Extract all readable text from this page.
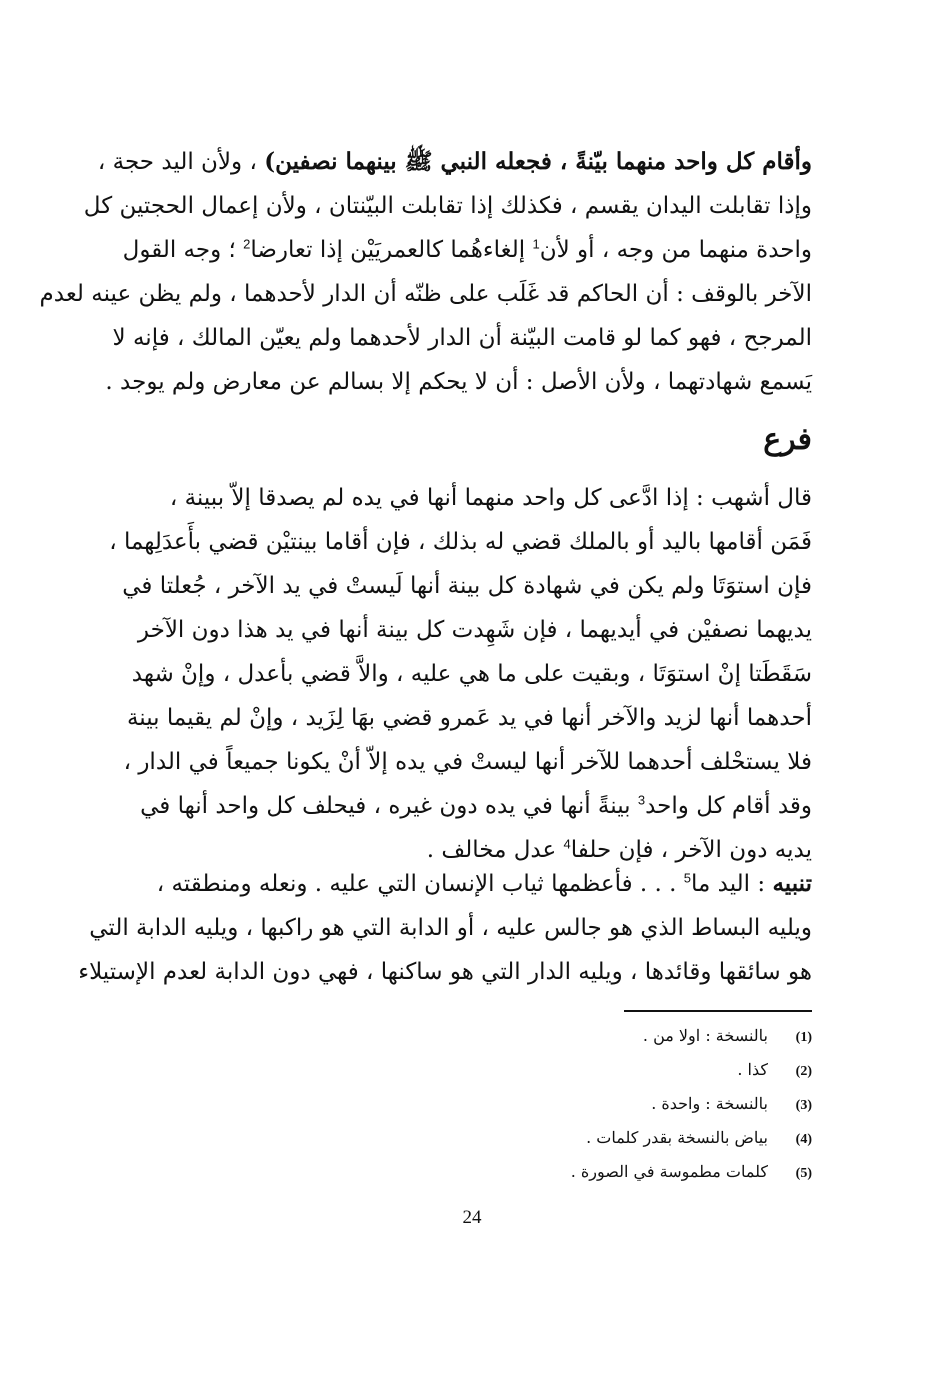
وأقام كل واحد منهما بيّنةً ، فجعله النبي ﷺ بينهما نصفين) ، ولأن اليد حجة ،
وإذا تقابلت اليدان يقسم ، فكذلك إذا تقابلت البيّنتان ، ولأن إعمال الحجتين كل
واحدة منهما من وجه ، أو لأن$^1$ إلغاءهُما كالعمريَيْن إذا تعارضا$^2$ ؛ وجه القول
الآخر بالوقف : أن الحاكم قد غَلَب على ظنّه أن الدار لأحدهما ، ولم يظن عينه لعدم
المرجح ، فهو كما لو قامت البيّنة أن الدار لأحدهما ولم يعيّن المالك ، فإنه لا
يَسمع شهادتهما ، ولأن الأصل : أن لا يحكم إلا بسالم عن معارض ولم يوجد .
فرع
قال أشهب : إذا ادَّعى كل واحد منهما أنها في يده لم يصدقا إلاّ ببينة ،
فَمَن أقامها باليد أو بالملك قضي له بذلك ، فإن أقاما بينتيْن قضي بأَعدَلِهما ،
فإن استوَتَا ولم يكن في شهادة كل بينة أنها لَيستْ في يد الآخر ، جُعلتا في
يديهما نصفيْن في أيديهما ، فإن شَهِدت كل بينة أنها في يد هذا دون الآخر
سَقَطَتا إنْ استوَتَا ، وبقيت على ما هي عليه ، والاَّ قضي بأعدل ، وإنْ شهد
أحدهما أنها لزيد والآخر أنها في يد عَمرو قضي بهَا لِزَيد ، وإنْ لم يقيما بينة
فلا يستحْلف أحدهما للآخر أنها ليستْ في يده إلاّ أنْ يكونا جميعاً في الدار ،
وقد أقام كل واحد$^3$ بينةً أنها في يده دون غيره ، فيحلف كل واحد أنها في
يديه دون الآخر ، فإن حلفا$^4$ عدل مخالف .
تنبيه : اليد ما$^5$ . . . فأعظمها ثياب الإنسان التي عليه . ونعله ومنطقته ،
ويليه البساط الذي هو جالس عليه ، أو الدابة التي هو راكبها ، ويليه الدابة التي
هو سائقها وقائدها ، ويليه الدار التي هو ساكنها ، فهي دون الدابة لعدم الإستيلاء
(1)
بالنسخة : اولا من .
(2)
كذا .
(3)
بالنسخة : واحدة .
(4)
بياض بالنسخة بقدر كلمات .
(5)
كلمات مطموسة في الصورة .
24
